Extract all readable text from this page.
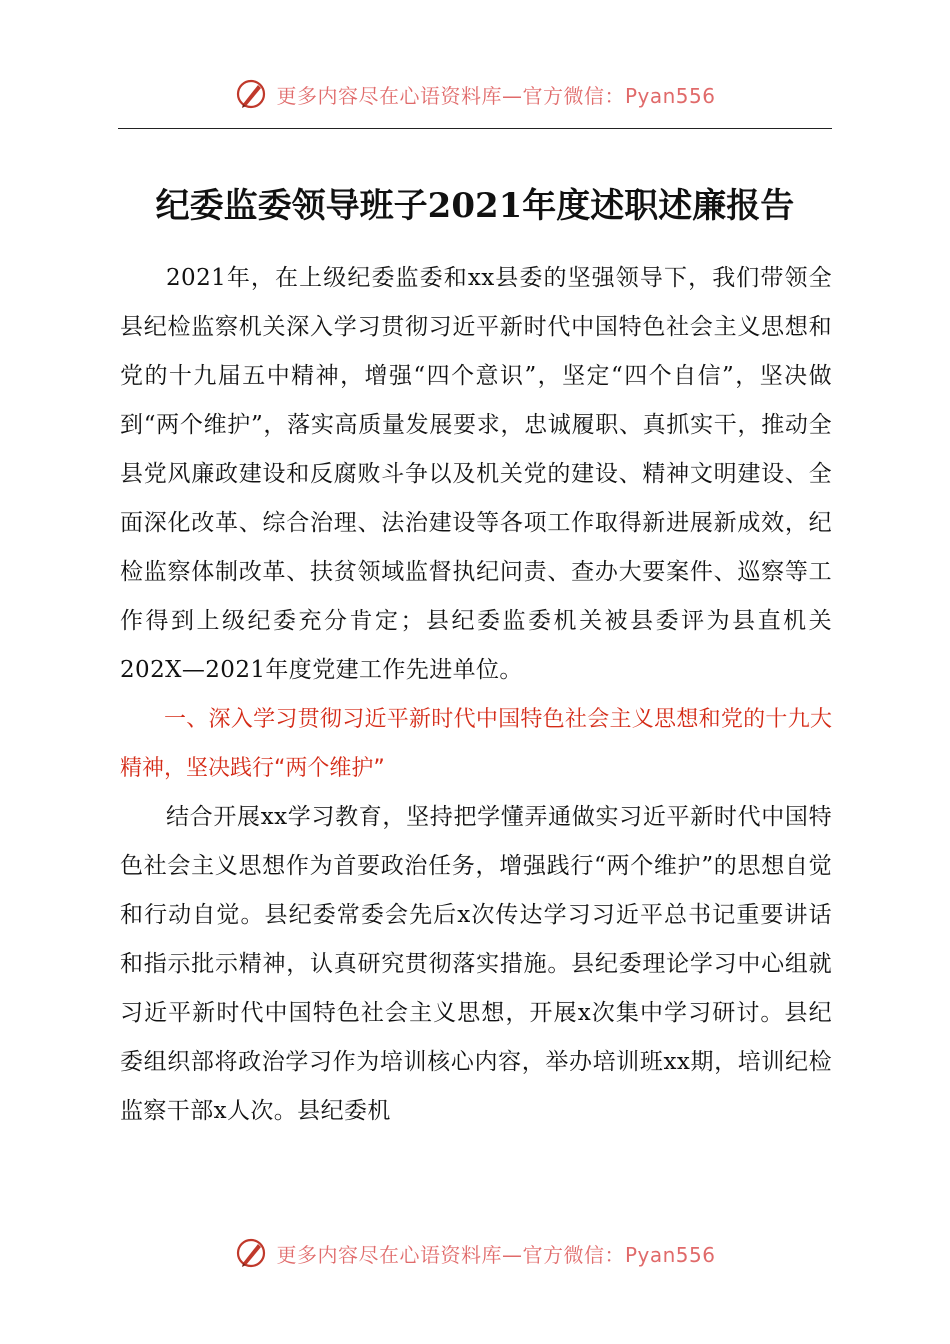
更多内容尽在心语资料库—官方微信：Pyan556
纪委监委领导班子2021年度述职述廉报告

2021年，在上级纪委监委和xx县委的坚强领导下，我们带领全县纪检监察机关深入学习贯彻习近平新时代中国特色社会主义思想和党的十九届五中精神，增强“四个意识”，坚定“四个自信”，坚决做到“两个维护”，落实高质量发展要求，忠诚履职、真抓实干，推动全县党风廉政建设和反腐败斗争以及机关党的建设、精神文明建设、全面深化改革、综合治理、法治建设等各项工作取得新进展新成效，纪检监察体制改革、扶贫领域监督执纪问责、查办大要案件、巡察等工作得到上级纪委充分肯定；县纪委监委机关被县委评为县直机关202X—2021年度党建工作先进单位。

一、深入学习贯彻习近平新时代中国特色社会主义思想和党的十九大精神，坚决践行“两个维护”

结合开展xx学习教育，坚持把学懂弄通做实习近平新时代中国特色社会主义思想作为首要政治任务，增强践行“两个维护”的思想自觉和行动自觉。县纪委常委会先后x次传达学习习近平总书记重要讲话和指示批示精神，认真研究贯彻落实措施。县纪委理论学习中心组就习近平新时代中国特色社会主义思想，开展x次集中学习研讨。县纪委组织部将政治学习作为培训核心内容，举办培训班xx期，培训纪检监察干部x人次。县纪委机

更多内容尽在心语资料库—官方微信：Pyan556
